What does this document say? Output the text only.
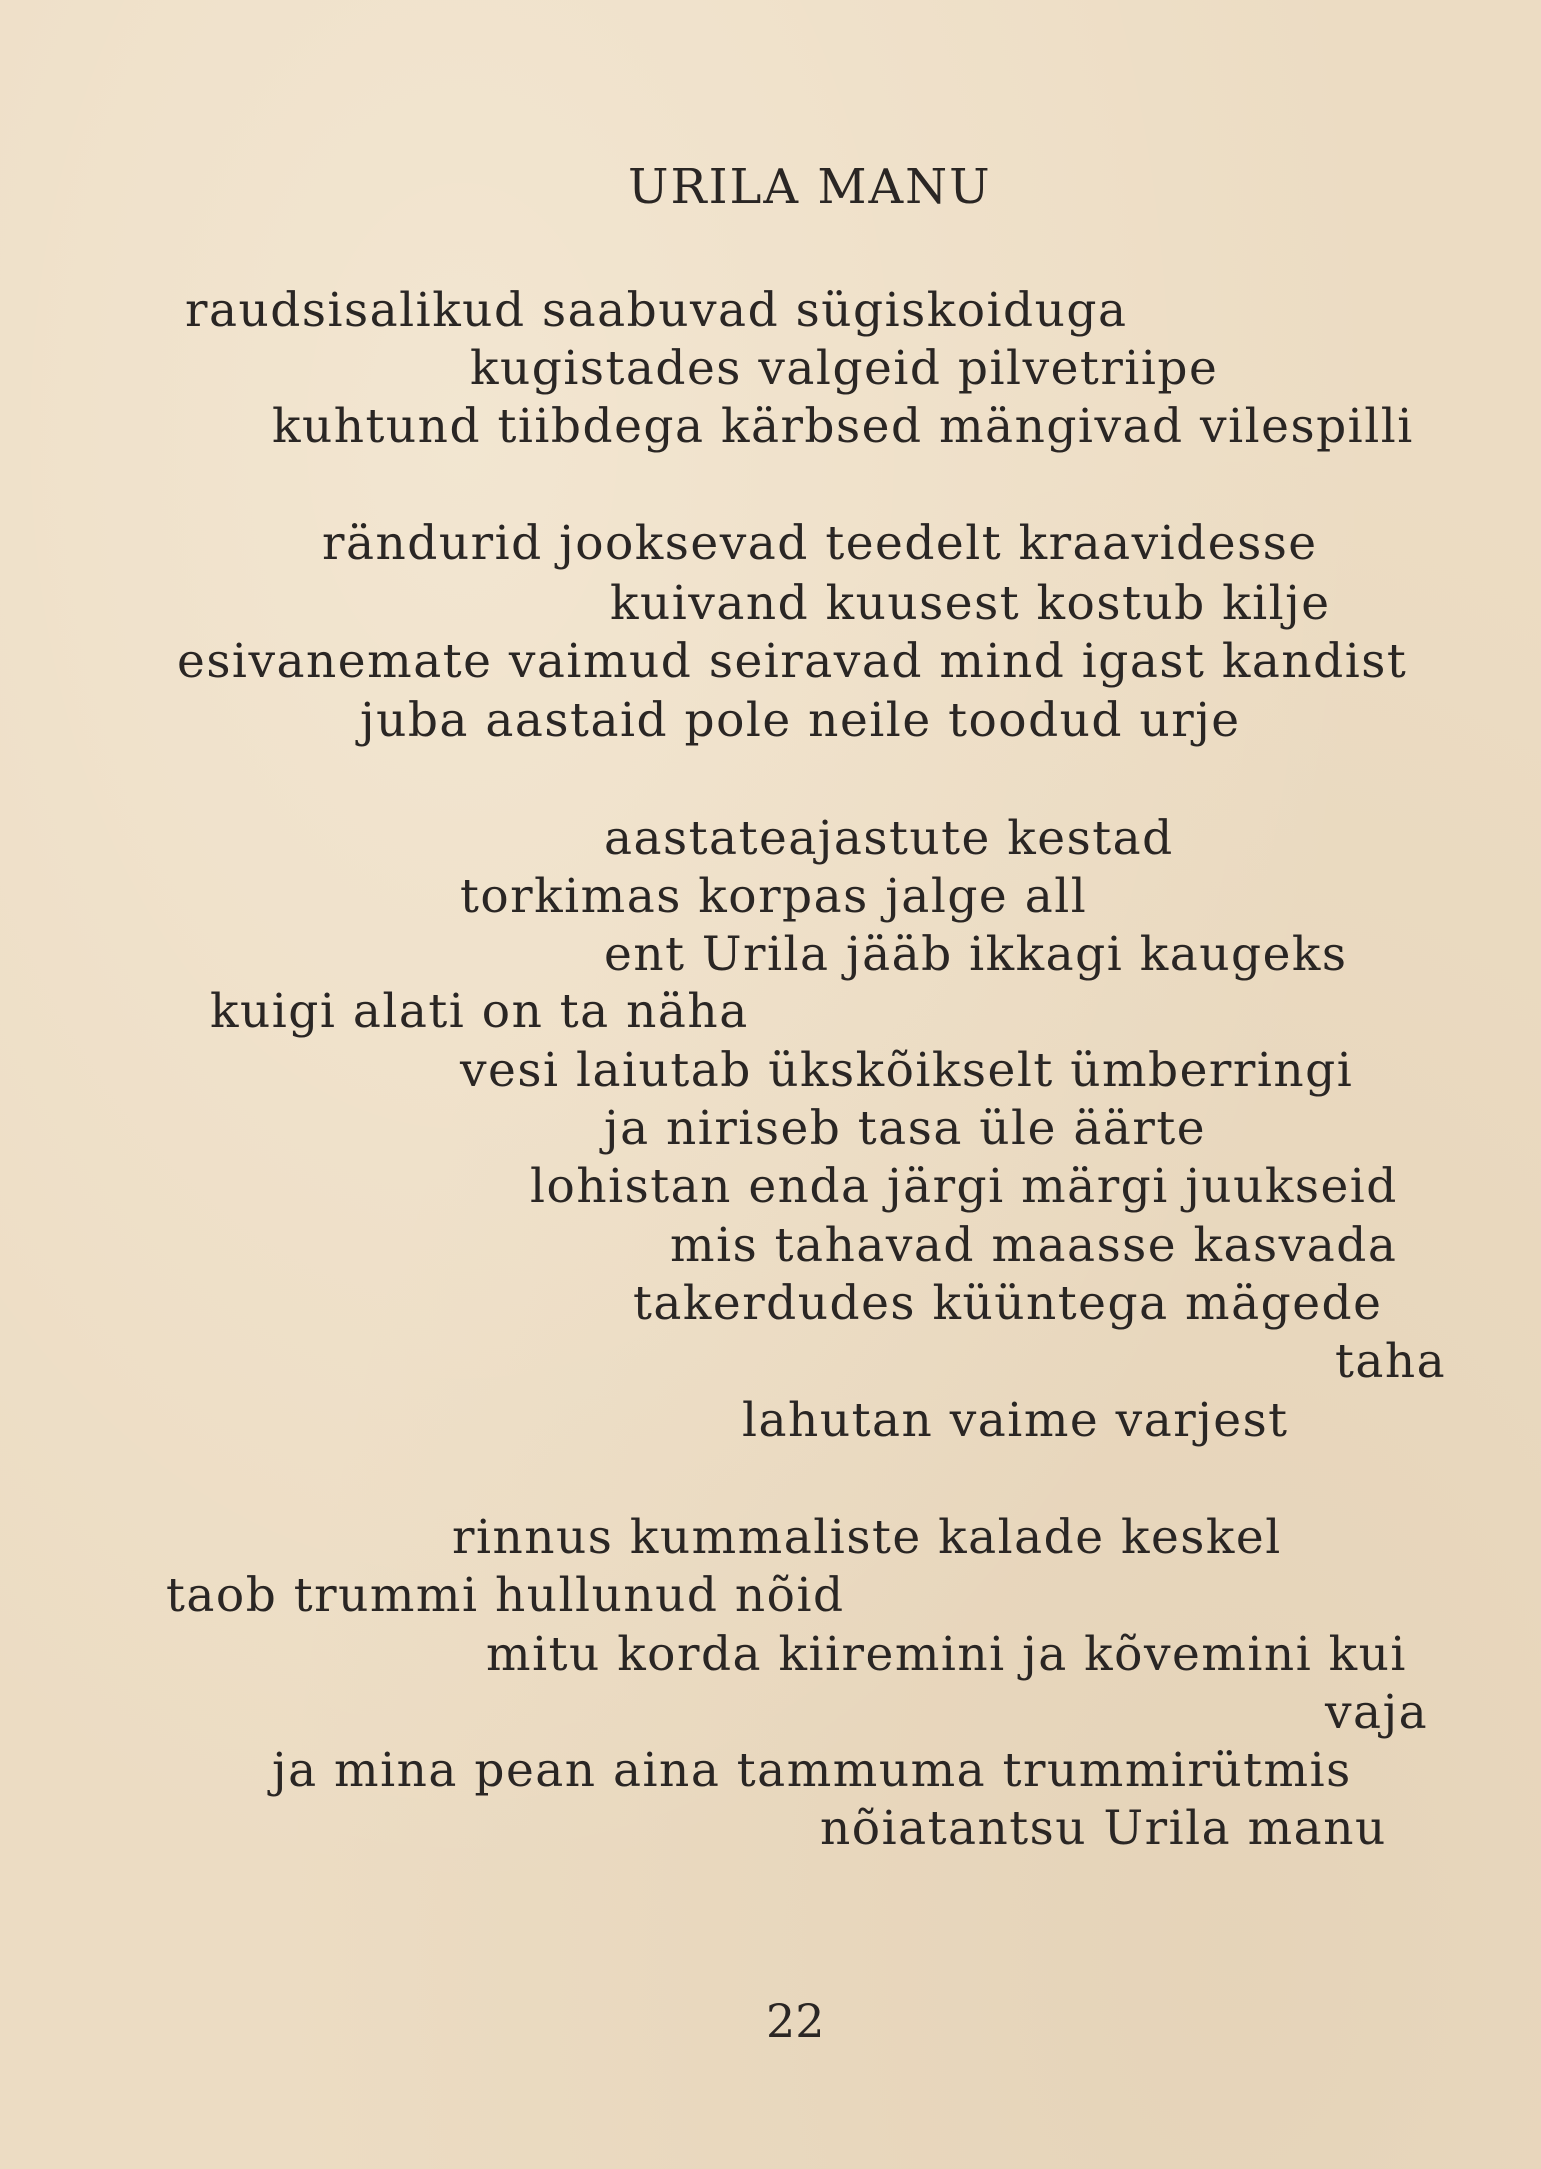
URILA MANU
raudsisalikud saabuvad sügiskoiduga
kugistades valgeid pilvetriipe
kuhtund tiibdega kärbsed mängivad vilespilli
rändurid jooksevad teedelt kraavidesse
kuivand kuusest kostub kilje
esivanemate vaimud seiravad mind igast kandist
juba aastaid pole neile toodud urje
aastateajastute kestad
torkimas korpas jalge all
ent Urila jääb ikkagi kaugeks
kuigi alati on ta näha
vesi laiutab ükskõikselt ümberringi
ja niriseb tasa üle äärte
lohistan enda järgi märgi juukseid
mis tahavad maasse kasvada
takerdudes küüntega mägede
taha
lahutan vaime varjest
rinnus kummaliste kalade keskel
taob trummi hullunud nõid
mitu korda kiiremini ja kõvemini kui
vaja
ja mina pean aina tammuma trummirütmis
nõiatantsu Urila manu
22
